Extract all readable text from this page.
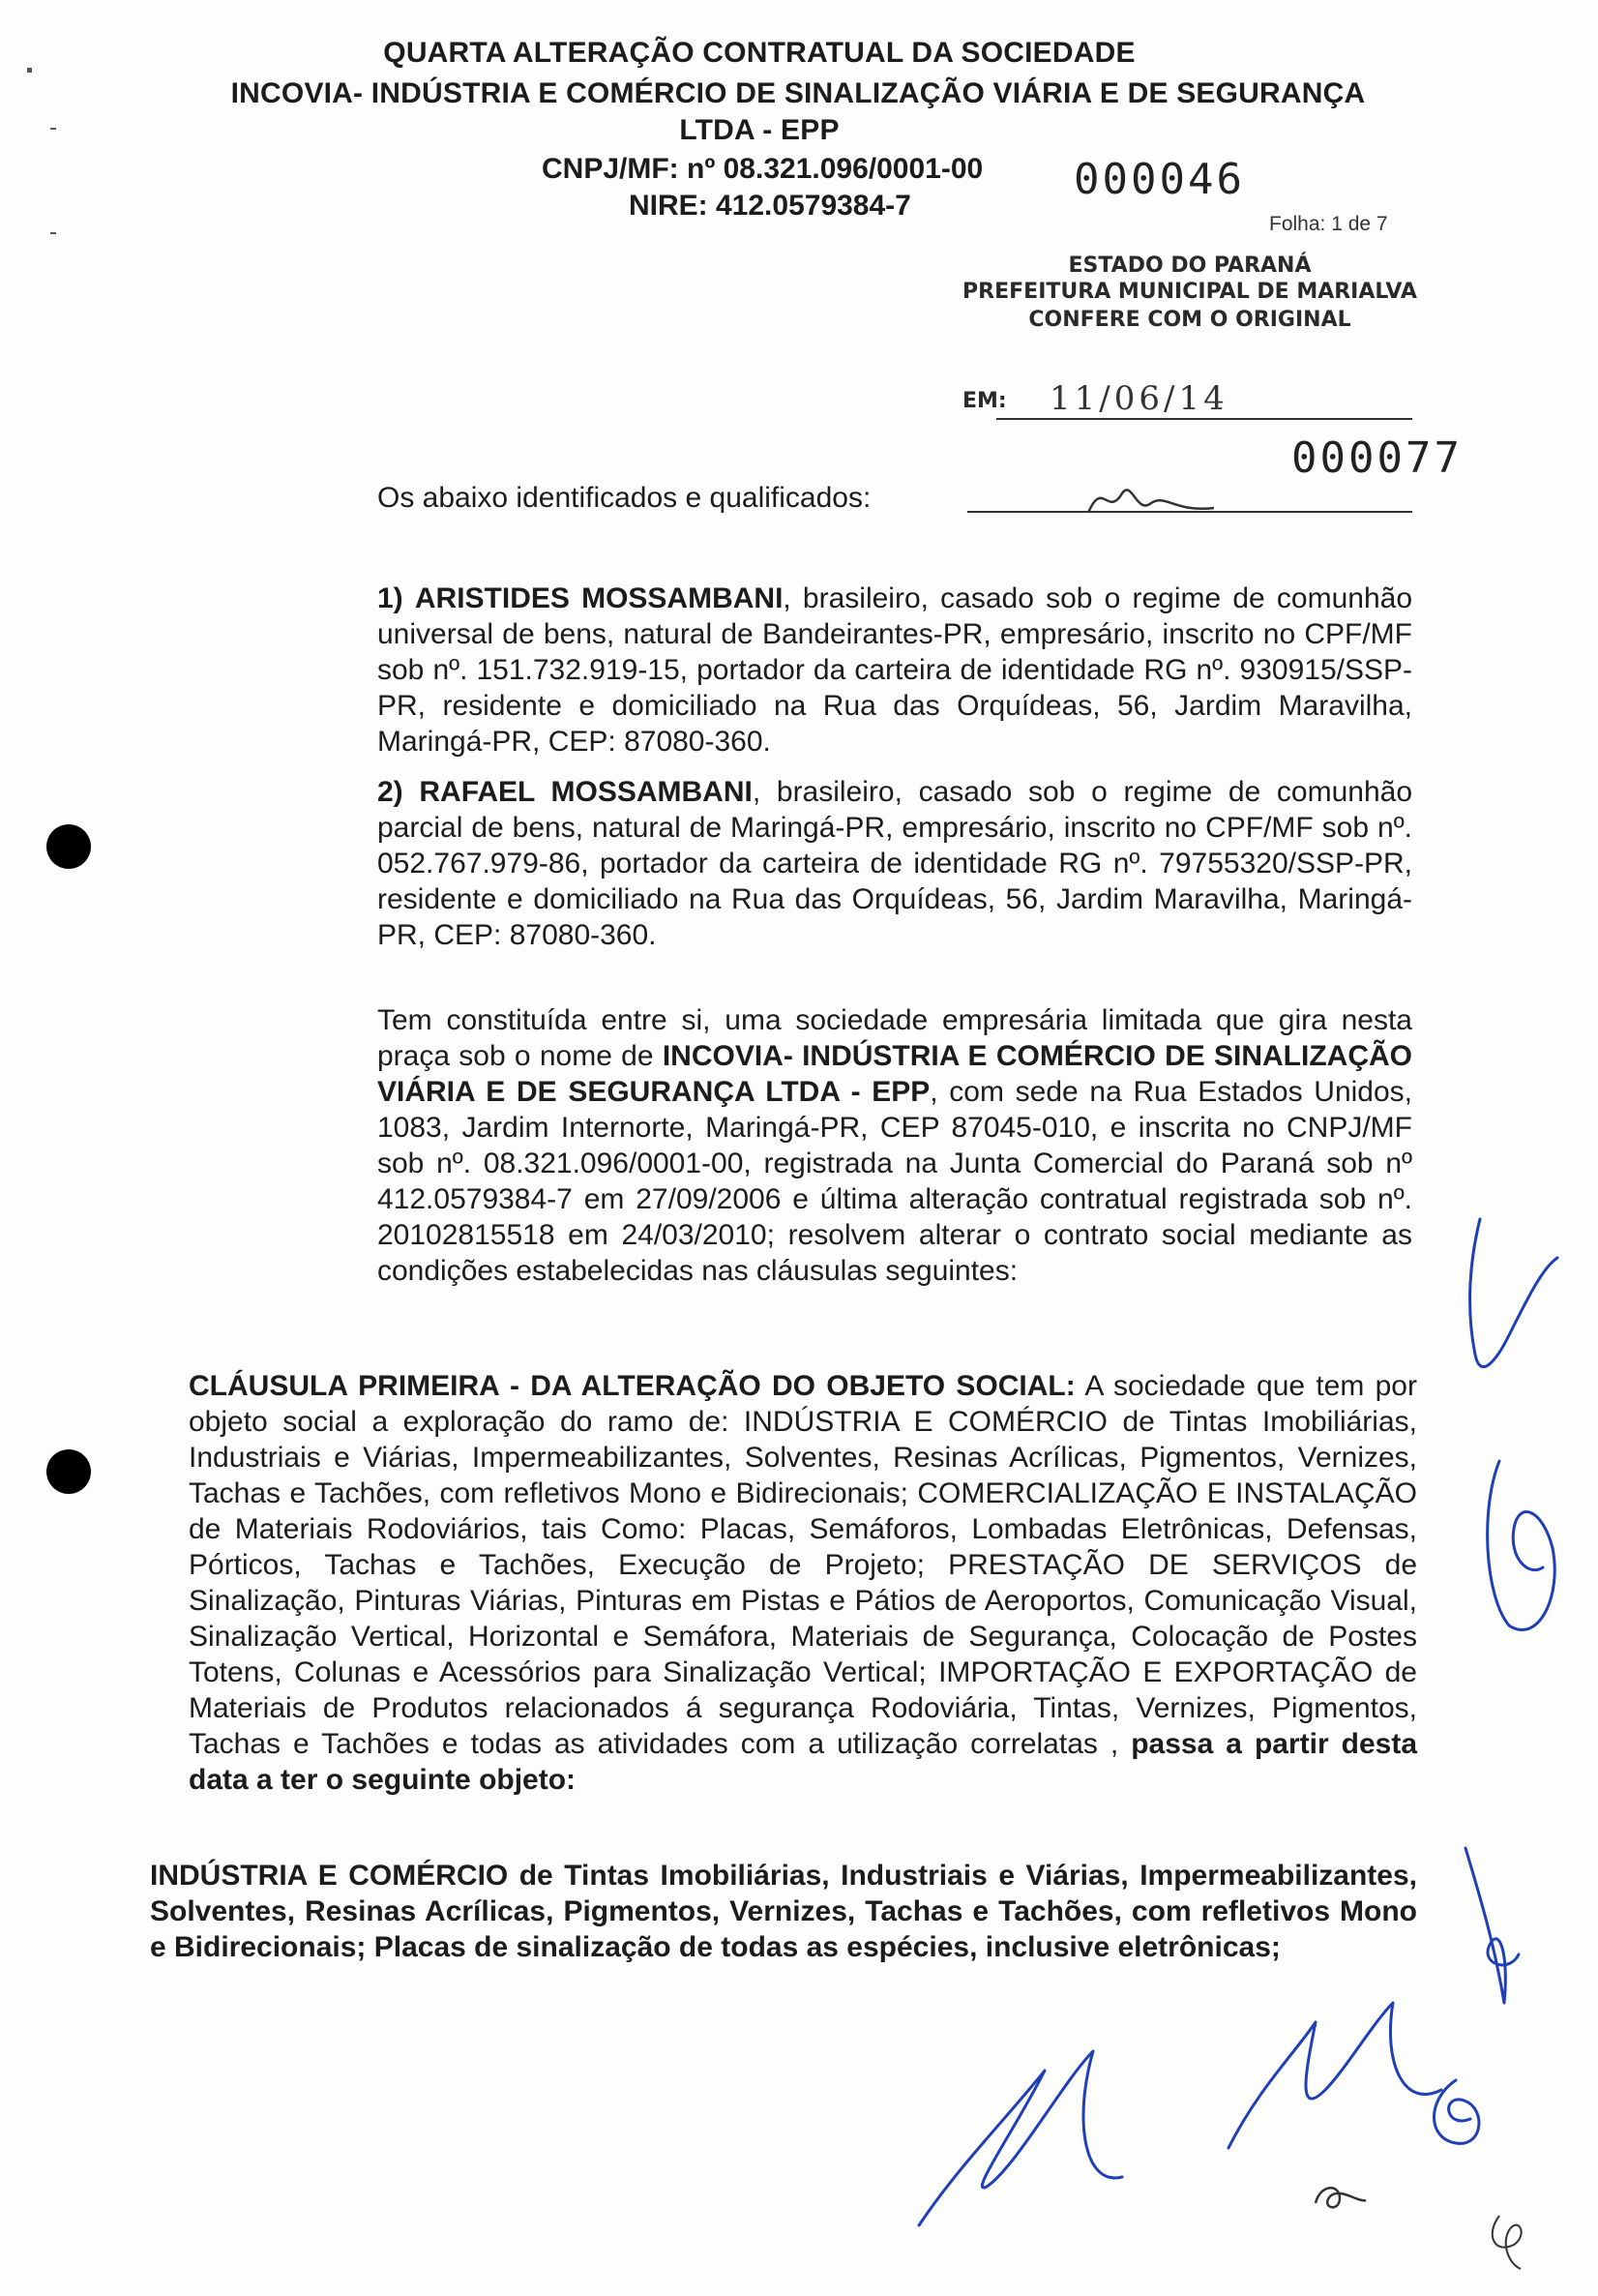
QUARTA ALTERAÇÃO CONTRATUAL DA SOCIEDADE
INCOVIA- INDÚSTRIA E COMÉRCIO DE SINALIZAÇÃO VIÁRIA E DE SEGURANÇA
LTDA - EPP
CNPJ/MF: nº 08.321.096/0001-00
NIRE: 412.0579384-7
000046
Folha: 1 de 7
ESTADO DO PARANÁ
PREFEITURA MUNICIPAL DE MARIALVA
CONFERE COM O ORIGINAL
EM: 11/06/14
000077
Os abaixo identificados e qualificados:
1) ARISTIDES MOSSAMBANI, brasileiro, casado sob o regime de comunhão universal de bens, natural de Bandeirantes-PR, empresário, inscrito no CPF/MF sob nº. 151.732.919-15, portador da carteira de identidade RG nº. 930915/SSP-PR, residente e domiciliado na Rua das Orquídeas, 56, Jardim Maravilha, Maringá-PR, CEP: 87080-360.
2) RAFAEL MOSSAMBANI, brasileiro, casado sob o regime de comunhão parcial de bens, natural de Maringá-PR, empresário, inscrito no CPF/MF sob nº. 052.767.979-86, portador da carteira de identidade RG nº. 79755320/SSP-PR, residente e domiciliado na Rua das Orquídeas, 56, Jardim Maravilha, Maringá-PR, CEP: 87080-360.
Tem constituída entre si, uma sociedade empresária limitada que gira nesta praça sob o nome de INCOVIA- INDÚSTRIA E COMÉRCIO DE SINALIZAÇÃO VIÁRIA E DE SEGURANÇA LTDA - EPP, com sede na Rua Estados Unidos, 1083, Jardim Internorte, Maringá-PR, CEP 87045-010, e inscrita no CNPJ/MF sob nº. 08.321.096/0001-00, registrada na Junta Comercial do Paraná sob nº 412.0579384-7 em 27/09/2006 e última alteração contratual registrada sob nº. 20102815518 em 24/03/2010; resolvem alterar o contrato social mediante as condições estabelecidas nas cláusulas seguintes:
CLÁUSULA PRIMEIRA - DA ALTERAÇÃO DO OBJETO SOCIAL: A sociedade que tem por objeto social a exploração do ramo de: INDÚSTRIA E COMÉRCIO de Tintas Imobiliárias, Industriais e Viárias, Impermeabilizantes, Solventes, Resinas Acrílicas, Pigmentos, Vernizes, Tachas e Tachões, com refletivos Mono e Bidirecionais; COMERCIALIZAÇÃO E INSTALAÇÃO de Materiais Rodoviários, tais Como: Placas, Semáforos, Lombadas Eletrônicas, Defensas, Pórticos, Tachas e Tachões, Execução de Projeto; PRESTAÇÃO DE SERVIÇOS de Sinalização, Pinturas Viárias, Pinturas em Pistas e Pátios de Aeroportos, Comunicação Visual, Sinalização Vertical, Horizontal e Semáfora, Materiais de Segurança, Colocação de Postes Totens, Colunas e Acessórios para Sinalização Vertical; IMPORTAÇÃO E EXPORTAÇÃO de Materiais de Produtos relacionados á segurança Rodoviária, Tintas, Vernizes, Pigmentos, Tachas e Tachões e todas as atividades com a utilização correlatas , passa a partir desta data a ter o seguinte objeto:
INDÚSTRIA E COMÉRCIO de Tintas Imobiliárias, Industriais e Viárias, Impermeabilizantes, Solventes, Resinas Acrílicas, Pigmentos, Vernizes, Tachas e Tachões, com refletivos Mono e Bidirecionais; Placas de sinalização de todas as espécies, inclusive eletrônicas;
